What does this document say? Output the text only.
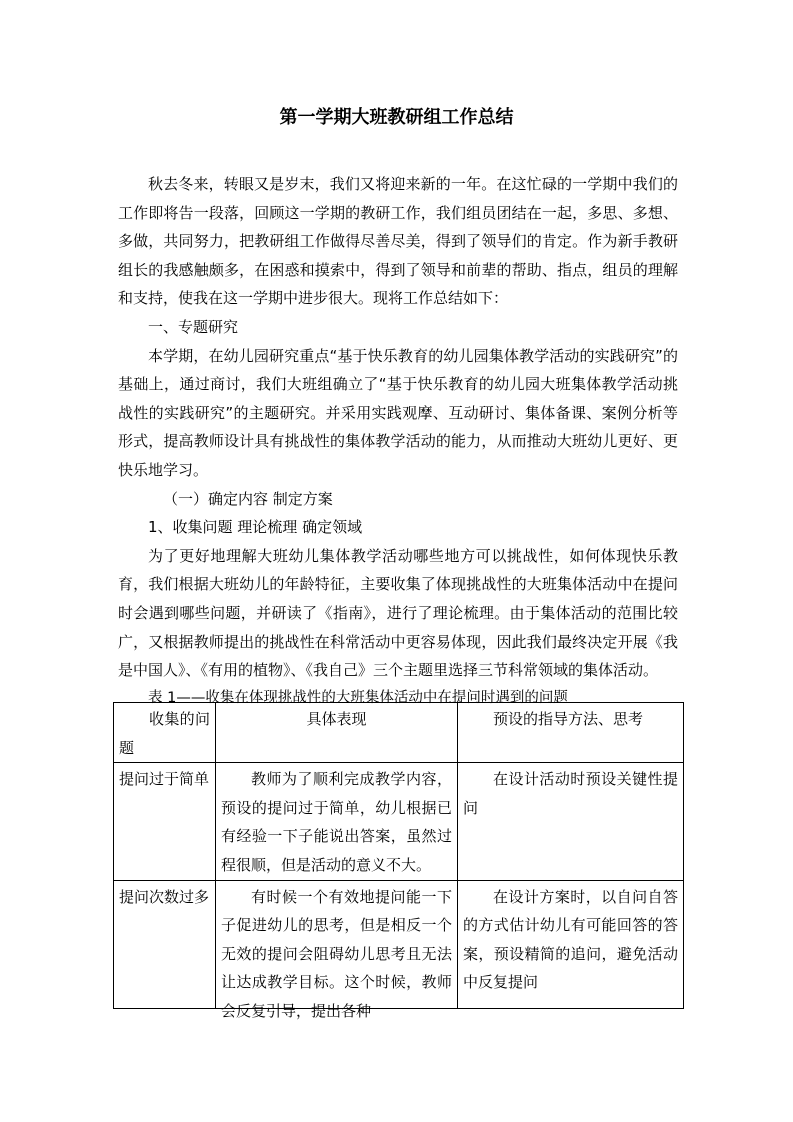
第一学期大班教研组工作总结

秋去冬来，转眼又是岁末，我们又将迎来新的一年。在这忙碌的一学期中我们的工作即将告一段落，回顾这一学期的教研工作，我们组员团结在一起，多思、多想、多做，共同努力，把教研组工作做得尽善尽美，得到了领导们的肯定。作为新手教研组长的我感触颇多，在困惑和摸索中，得到了领导和前辈的帮助、指点，组员的理解和支持，使我在这一学期中进步很大。现将工作总结如下：

一、专题研究

本学期，在幼儿园研究重点“基于快乐教育的幼儿园集体教学活动的实践研究”的基础上，通过商讨，我们大班组确立了“基于快乐教育的幼儿园大班集体教学活动挑战性的实践研究”的主题研究。并采用实践观摩、互动研讨、集体备课、案例分析等形式，提高教师设计具有挑战性的集体教学活动的能力，从而推动大班幼儿更好、更快乐地学习。

（一）确定内容 制定方案

1、收集问题 理论梳理 确定领域

为了更好地理解大班幼儿集体教学活动哪些地方可以挑战性，如何体现快乐教育，我们根据大班幼儿的年龄特征，主要收集了体现挑战性的大班集体活动中在提问时会遇到哪些问题，并研读了《指南》，进行了理论梳理。由于集体活动的范围比较广，又根据教师提出的挑战性在科常活动中更容易体现，因此我们最终决定开展《我是中国人》、《有用的植物》、《我自己》三个主题里选择三节科常领域的集体活动。

表 1——收集在体现挑战性的大班集体活动中在提问时遇到的问题

收集的问题	具体表现	预设的指导方法、思考
提问过于简单	教师为了顺利完成教学内容，预设的提问过于简单，幼儿根据已有经验一下子能说出答案，虽然过程很顺，但是活动的意义不大。	在设计活动时预设关键性提问
提问次数过多	有时候一个有效地提问能一下子促进幼儿的思考，但是相反一个无效的提问会阻碍幼儿思考且无法让达成教学目标。这个时候，教师会反复引导，提出各种	在设计方案时，以自问自答的方式估计幼儿有可能回答的答案，预设精简的追问，避免活动中反复提问
